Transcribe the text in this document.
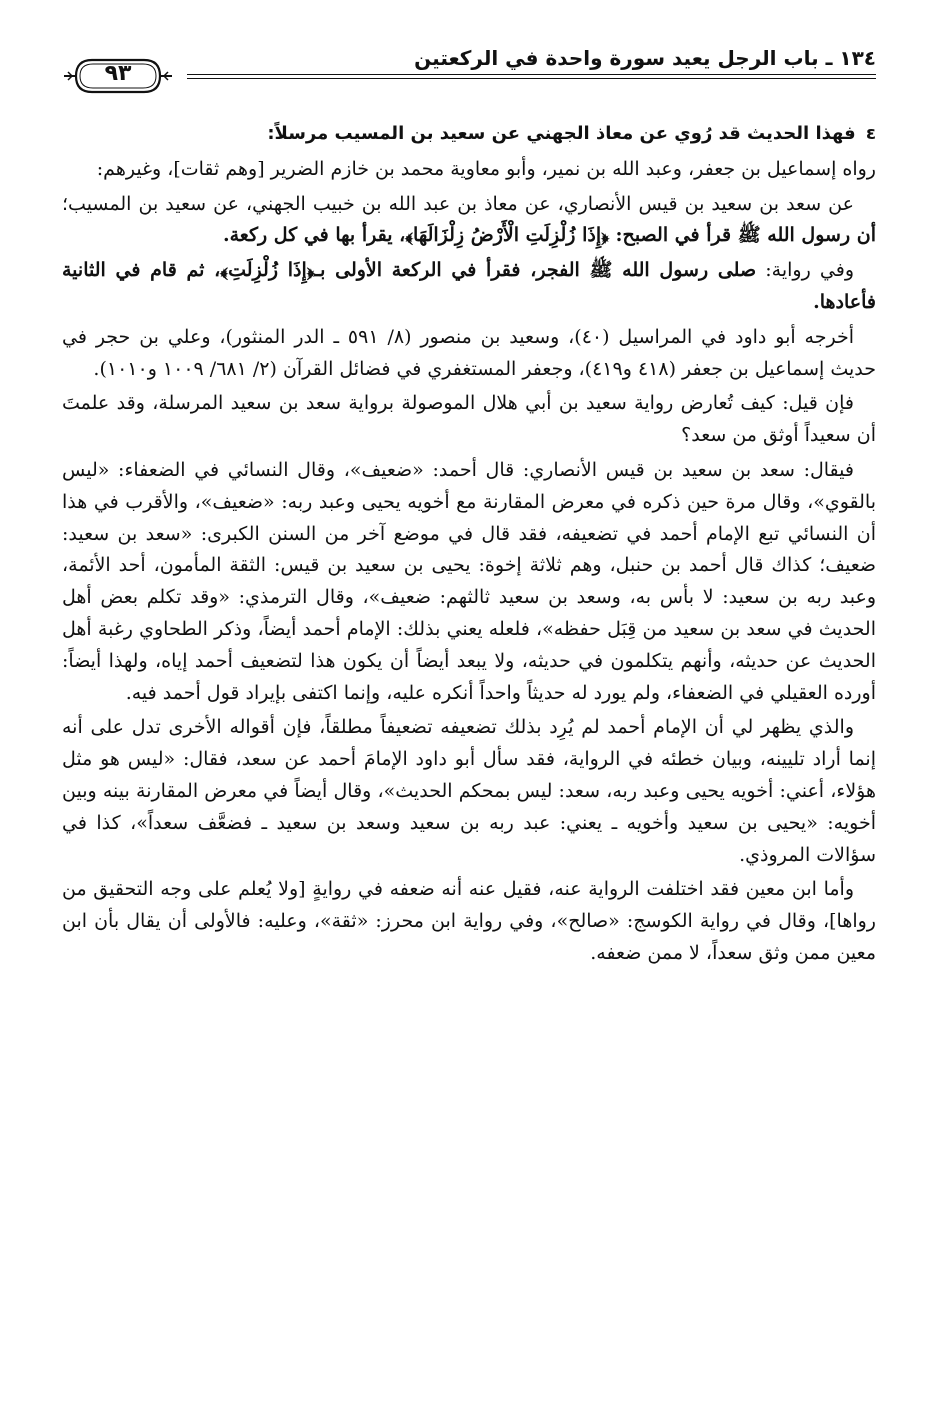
١٣٤ ـ باب الرجل يعيد سورة واحدة في الركعتين
٩٣

ε فهذا الحديث قد رُوي عن معاذ الجهني عن سعيد بن المسيب مرسلاً:

رواه إسماعيل بن جعفر، وعبد الله بن نمير، وأبو معاوية محمد بن خازم الضرير [وهم ثقات]، وغيرهم:

عن سعد بن سعيد بن قيس الأنصاري، عن معاذ بن عبد الله بن خبيب الجهني، عن سعيد بن المسيب؛ أن رسول الله ﷺ قرأ في الصبح: ﴿إِذَا زُلْزِلَتِ الْأَرْضُ زِلْزَالَهَا﴾، يقرأ بها في كل ركعة.

وفي رواية: صلى رسول الله ﷺ الفجر، فقرأ في الركعة الأولى بـ﴿إِذَا زُلْزِلَتِ﴾، ثم قام في الثانية فأعادها.

أخرجه أبو داود في المراسيل (٤٠)، وسعيد بن منصور (٨/ ٥٩١ ـ الدر المنثور)، وعلي بن حجر في حديث إسماعيل بن جعفر (٤١٨ و٤١٩)، وجعفر المستغفري في فضائل القرآن (٢/ ٦٨١/ ١٠٠٩ و١٠١٠).

فإن قيل: كيف تُعارض رواية سعيد بن أبي هلال الموصولة برواية سعد بن سعيد المرسلة، وقد علمتَ أن سعيداً أوثق من سعد؟

فيقال: سعد بن سعيد بن قيس الأنصاري: قال أحمد: «ضعيف»، وقال النسائي في الضعفاء: «ليس بالقوي»، وقال مرة حين ذكره في معرض المقارنة مع أخويه يحيى وعبد ربه: «ضعيف»، والأقرب في هذا أن النسائي تبع الإمام أحمد في تضعيفه، فقد قال في موضع آخر من السنن الكبرى: «سعد بن سعيد: ضعيف؛ كذاك قال أحمد بن حنبل، وهم ثلاثة إخوة: يحيى بن سعيد بن قيس: الثقة المأمون، أحد الأئمة، وعبد ربه بن سعيد: لا بأس به، وسعد بن سعيد ثالثهم: ضعيف»، وقال الترمذي: «وقد تكلم بعض أهل الحديث في سعد بن سعيد من قِبَل حفظه»، فلعله يعني بذلك: الإمام أحمد أيضاً، وذكر الطحاوي رغبة أهل الحديث عن حديثه، وأنهم يتكلمون في حديثه، ولا يبعد أيضاً أن يكون هذا لتضعيف أحمد إياه، ولهذا أيضاً: أورده العقيلي في الضعفاء، ولم يورد له حديثاً واحداً أنكره عليه، وإنما اكتفى بإيراد قول أحمد فيه.

والذي يظهر لي أن الإمام أحمد لم يُرِد بذلك تضعيفه تضعيفاً مطلقاً، فإن أقواله الأخرى تدل على أنه إنما أراد تليينه، وبيان خطئه في الرواية، فقد سأل أبو داود الإمامَ أحمد عن سعد، فقال: «ليس هو مثل هؤلاء، أعني: أخويه يحيى وعبد ربه، سعد: ليس بمحكم الحديث»، وقال أيضاً في معرض المقارنة بينه وبين أخويه: «يحيى بن سعيد وأخويه ـ يعني: عبد ربه بن سعيد وسعد بن سعيد ـ فضعَّف سعداً»، كذا في سؤالات المروذي.

وأما ابن معين فقد اختلفت الرواية عنه، فقيل عنه أنه ضعفه في روايةٍ [ولا يُعلم على وجه التحقيق من رواها]، وقال في رواية الكوسج: «صالح»، وفي رواية ابن محرز: «ثقة»، وعليه: فالأولى أن يقال بأن ابن معين ممن وثق سعداً، لا ممن ضعفه.
